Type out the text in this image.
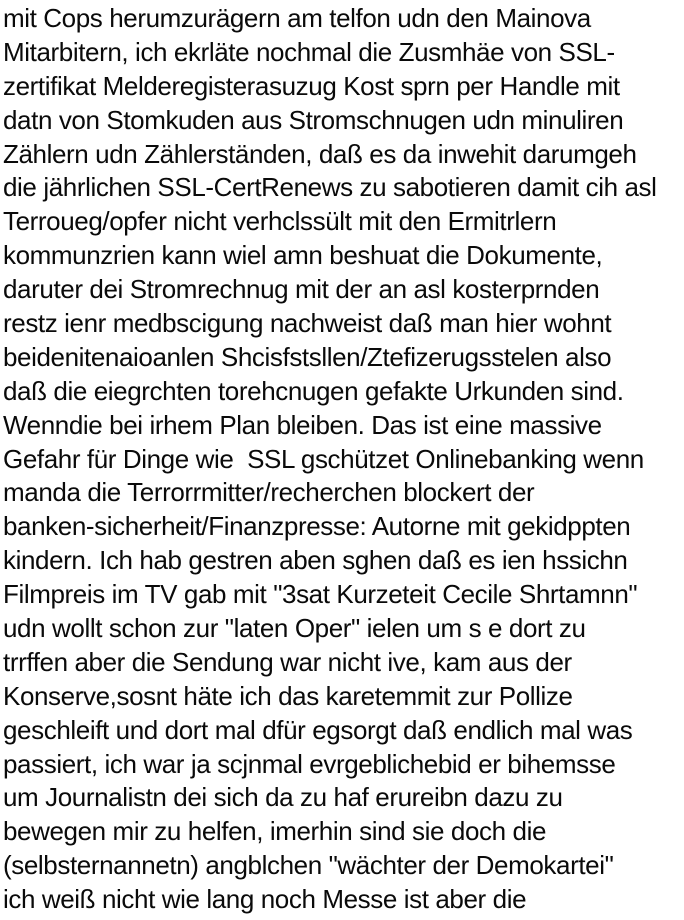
mit Cops herumzurägern am telfon udn den Mainova
Mitarbitern, ich ekrläte nochmal die Zusmhäe von SSL-
zertifikat Melderegisterasuzug Kost sprn per Handle mit
datn von Stomkuden aus Stromschnugen udn minuliren
Zählern udn Zählerständen, daß es da inwehit darumgeh
die jährlichen SSL-CertRenews zu sabotieren damit cih asl
Terroueg/opfer nicht verhclssült mit den Ermitrlern
kommunzrien kann wiel amn beshuat die Dokumente,
daruter dei Stromrechnug mit der an asl kosterprnden
restz ienr medbscigung nachweist daß man hier wohnt
beidenitenaioanlen Shcisfstsllen/Ztefizerugsstelen also
daß die eiegrchten torehcnugen gefakte Urkunden sind.
Wenndie bei irhem Plan bleiben. Das ist eine massive
Gefahr für Dinge wie  SSL gschützet Onlinebanking wenn
manda die Terrorrmitter/recherchen blockert der
banken-sicherheit/Finanzpresse: Autorne mit gekidppten
kindern. Ich hab gestren aben sghen daß es ien hssichn
Filmpreis im TV gab mit "3sat Kurzeteit Cecile Shrtamnn"
udn wollt schon zur "laten Oper" ielen um s e dort zu
trrffen aber die Sendung war nicht ive, kam aus der
Konserve,sosnt häte ich das karetemmit zur Pollize
geschleift und dort mal dfür egsorgt daß endlich mal was
passiert, ich war ja scjnmal evrgeblichebid er bihemsse
um Journalistn dei sich da zu haf erureibn dazu zu
bewegen mir zu helfen, imerhin sind sie doch die
(selbsternannetn) angblchen "wächter der Demokartei"
ich weiß nicht wie lang noch Messe ist aber die
